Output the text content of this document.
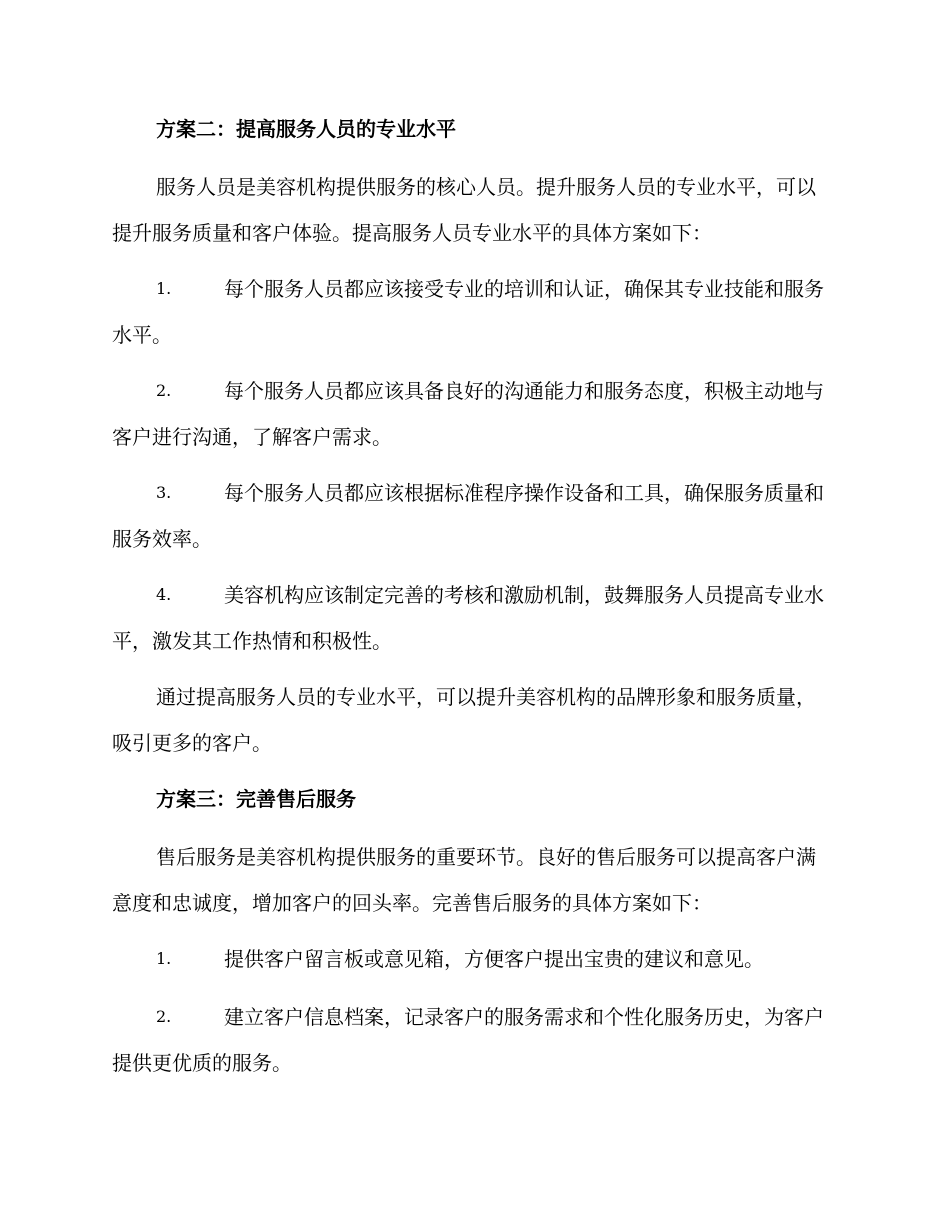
方案二：提高服务人员的专业水平
服务人员是美容机构提供服务的核心人员。提升服务人员的专业水平，可以提升服务质量和客户体验。提高服务人员专业水平的具体方案如下：
1.	每个服务人员都应该接受专业的培训和认证，确保其专业技能和服务水平。
2.	每个服务人员都应该具备良好的沟通能力和服务态度，积极主动地与客户进行沟通，了解客户需求。
3.	每个服务人员都应该根据标准程序操作设备和工具，确保服务质量和服务效率。
4.	美容机构应该制定完善的考核和激励机制，鼓舞服务人员提高专业水平，激发其工作热情和积极性。
通过提高服务人员的专业水平，可以提升美容机构的品牌形象和服务质量，吸引更多的客户。
方案三：完善售后服务
售后服务是美容机构提供服务的重要环节。良好的售后服务可以提高客户满意度和忠诚度，增加客户的回头率。完善售后服务的具体方案如下：
1.	提供客户留言板或意见箱，方便客户提出宝贵的建议和意见。
2.	建立客户信息档案，记录客户的服务需求和个性化服务历史，为客户提供更优质的服务。
